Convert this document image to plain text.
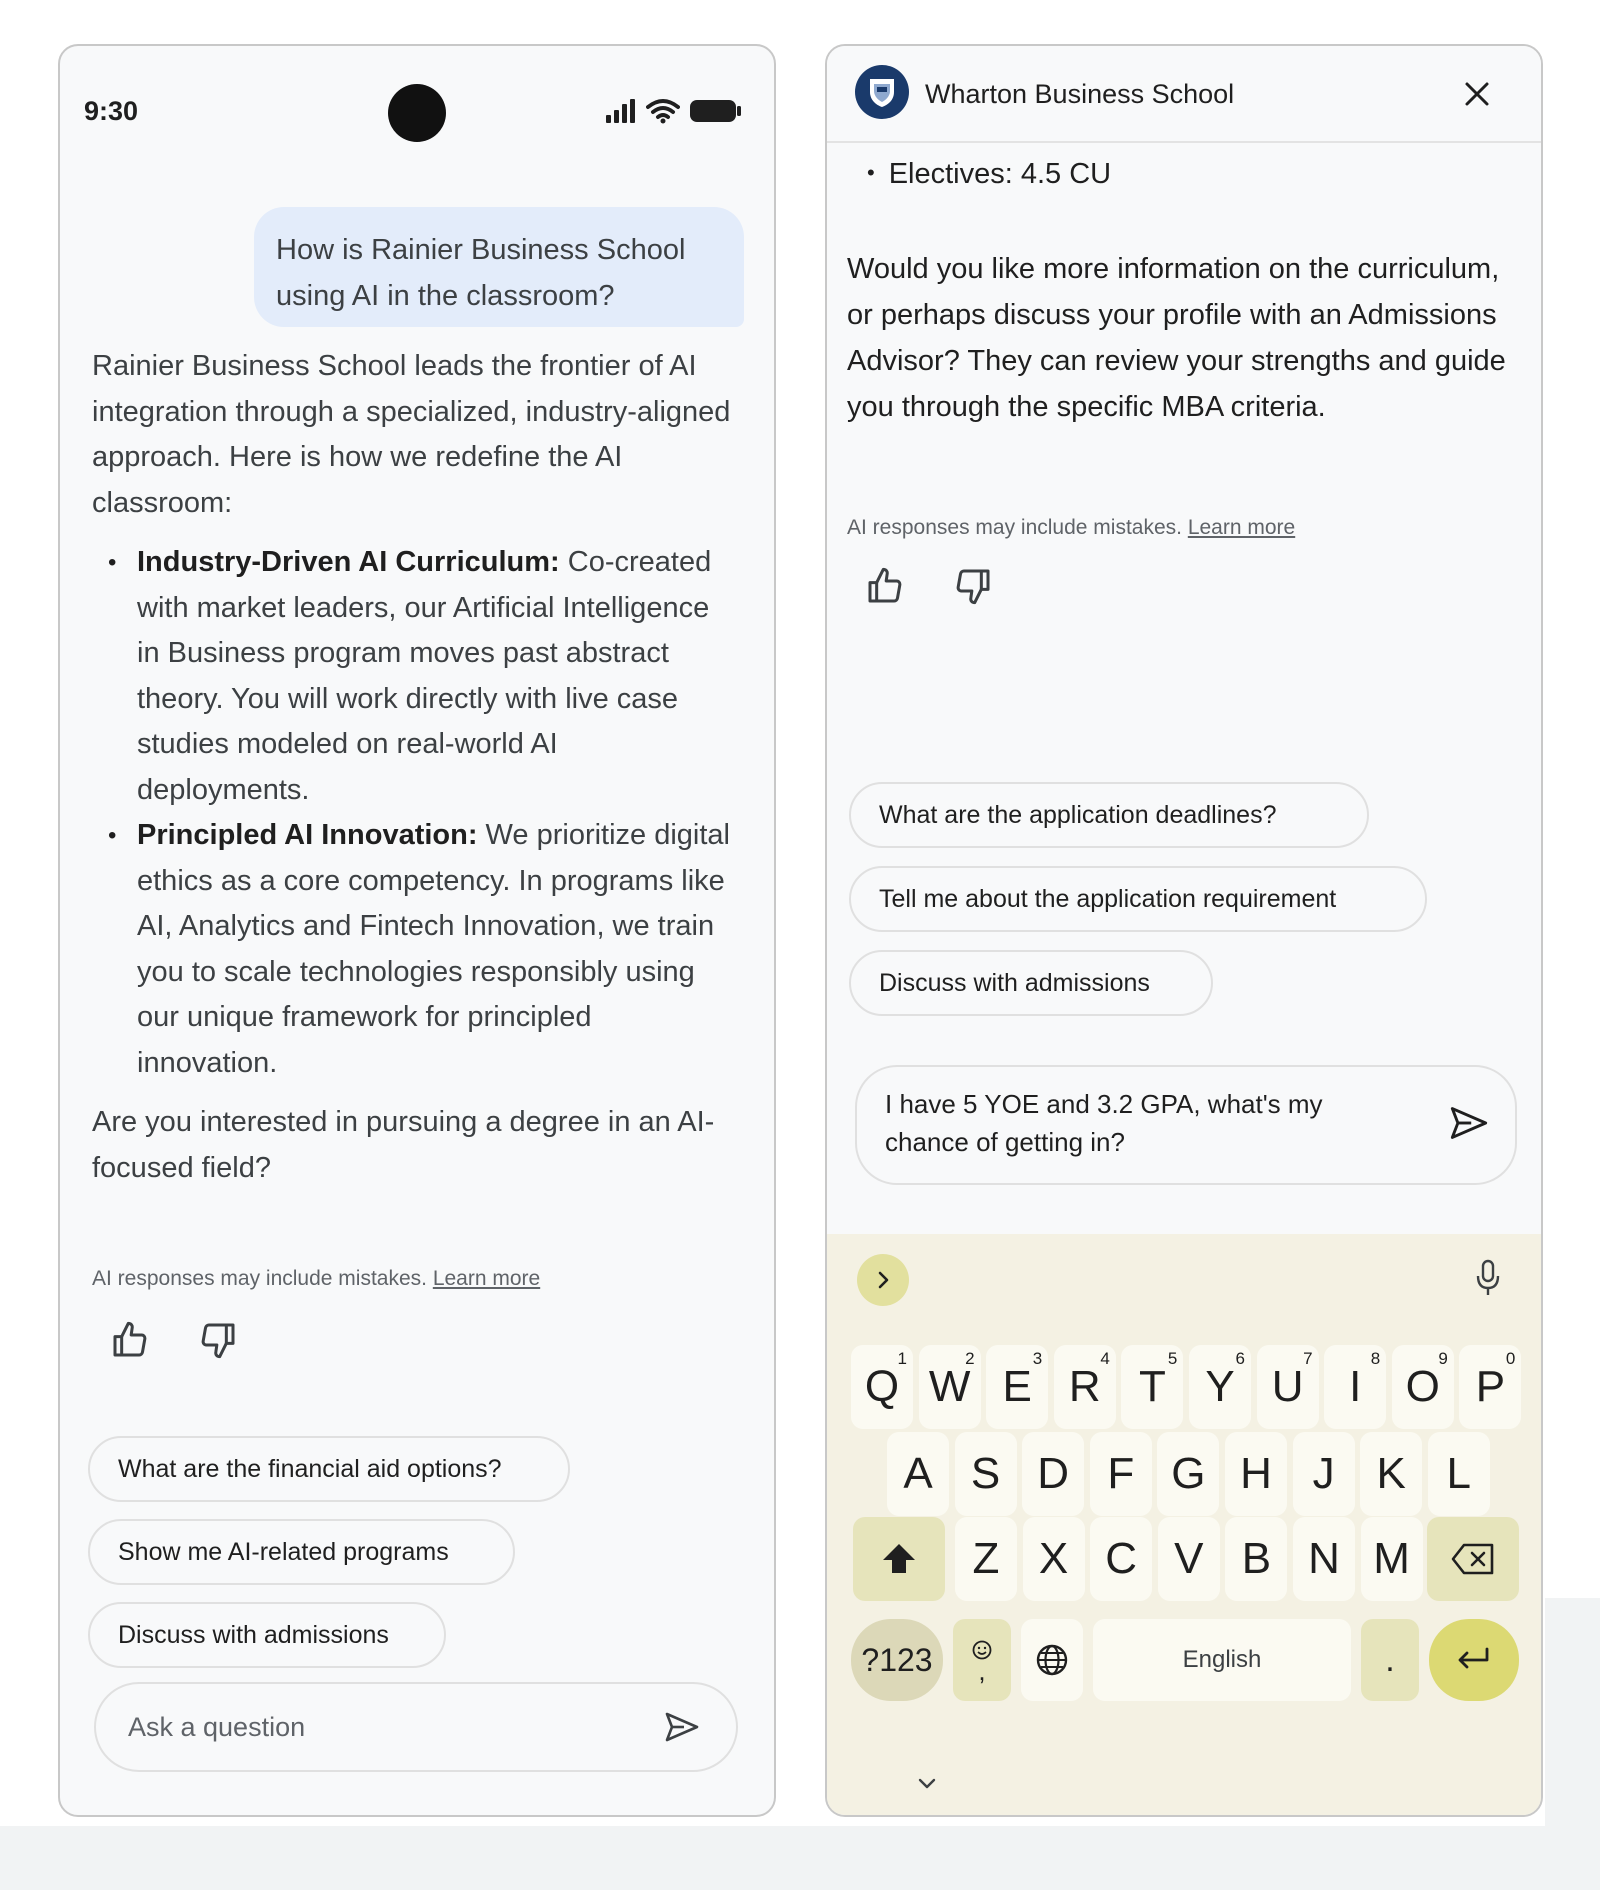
9:30
How is Rainier Business School using AI in the classroom?

Rainier Business School leads the frontier of AI integration through a specialized, industry-aligned approach. Here is how we redefine the AI classroom:

• Industry-Driven AI Curriculum: Co-created with market leaders, our Artificial Intelligence in Business program moves past abstract theory. You will work directly with live case studies modeled on real-world AI deployments.
• Principled AI Innovation: We prioritize digital ethics as a core competency. In programs like AI, Analytics and Fintech Innovation, we train you to scale technologies responsibly using our unique framework for principled innovation.

Are you interested in pursuing a degree in an AI-focused field?

AI responses may include mistakes. Learn more
What are the financial aid options?
Show me AI-related programs
Discuss with admissions
Ask a question
Wharton Business School
• Electives: 4.5 CU

Would you like more information on the curriculum, or perhaps discuss your profile with an Admissions Advisor? They can review your strengths and guide you through the specific MBA criteria.

AI responses may include mistakes. Learn more
What are the application deadlines?
Tell me about the application requirement
Discuss with admissions
I have 5 YOE and 3.2 GPA, what's my chance of getting in?
?123	,	English	.
Q
1
W
2
E
3
R
4
T
5
Y
6
U
7
I
8
O
9
P
0
A S D F G H J K L
Z X C V B N M
